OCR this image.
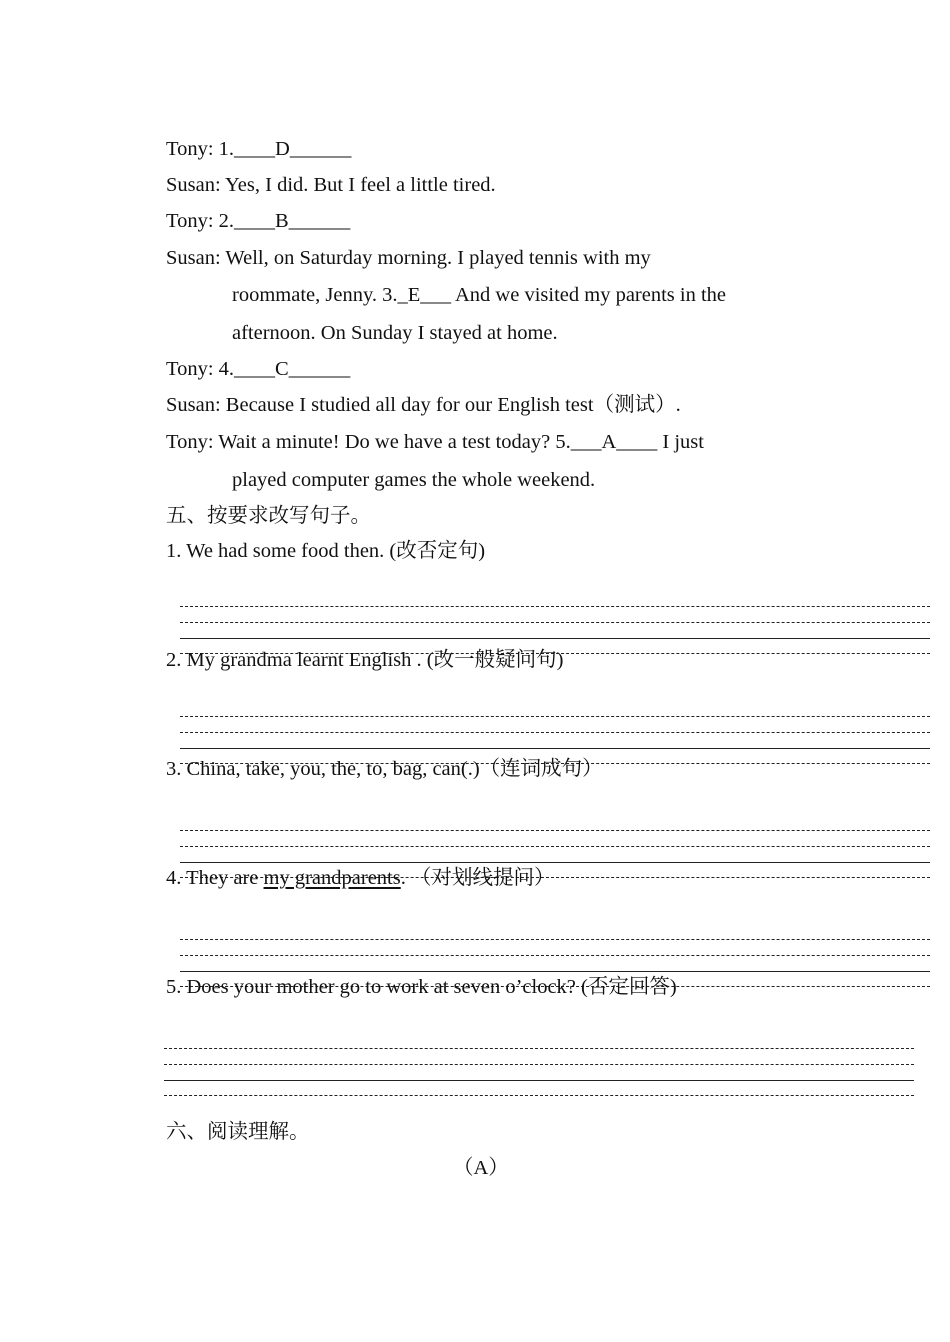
Tony: 1.____D______
Susan: Yes, I did. But I feel a little tired.
Tony: 2.____B______
Susan: Well, on Saturday morning. I played tennis with my
roommate, Jenny. 3._E___ And we visited my parents in the
afternoon. On Sunday I stayed at home.
Tony: 4.____C______
Susan: Because I studied all day for our English test（测试）.
Tony: Wait a minute! Do we have a test today? 5.___A____ I just
played computer games the whole weekend.
五、按要求改写句子。
1. We had some food then. (改否定句)
2. My grandma learnt English . (改一般疑问句)
3. China, take, you, the, to, bag, can(.)（连词成句）
4. They are my grandparents. （对划线提问）
5. Does your mother go to work at seven o’clock? (否定回答)
六、阅读理解。
（A）
